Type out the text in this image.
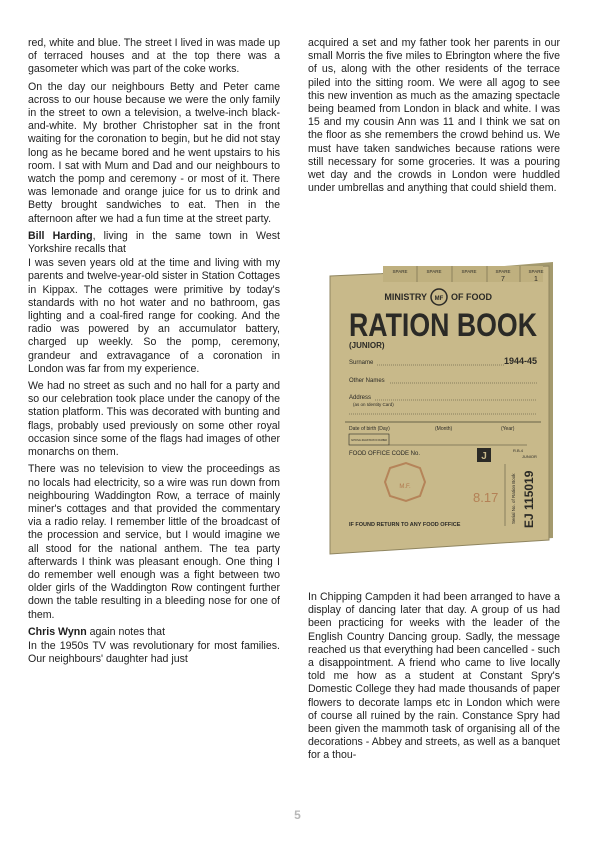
red, white and blue. The street I lived in was made up of terraced houses and at the top there was a gasometer which was part of the coke works.

On the day our neighbours Betty and Peter came across to our house because we were the only family in the street to own a television, a twelve-inch black-and-white. My brother Christopher sat in the front waiting for the coronation to begin, but he did not stay long as he became bored and he went upstairs to his room. I sat with Mum and Dad and our neighbours to watch the pomp and ceremony - or most of it. There was lemonade and orange juice for us to drink and Betty brought sandwiches to eat. Then in the afternoon after we had a fun time at the street party.

Bill Harding, living in the same town in West Yorkshire recalls that

I was seven years old at the time and living with my parents and twelve-year-old sister in Station Cottages in Kippax. The cottages were primitive by today's standards with no hot water and no bathroom, gas lighting and a coal-fired range for cooking. And the radio was powered by an accumulator battery, charged up weekly. So the pomp, ceremony, grandeur and extravagance of a coronation in London was far from my experience.

We had no street as such and no hall for a party and so our celebration took place under the canopy of the station platform. This was decorated with bunting and flags, probably used previously on some other royal occasion since some of the flags had images of other monarchs on them.

There was no television to view the proceedings as no locals had electricity, so a wire was run down from neighbouring Waddington Row, a terrace of mainly miner's cottages and that provided the commentary via a radio relay. I remember little of the broadcast of the procession and service, but I would imagine we all stood for the national anthem. The tea party afterwards I think was pleasant enough. One thing I do remember well enough was a fight between two older girls of the Waddington Row contingent further down the table resulting in a bleeding nose for one of them.

Chris Wynn again notes that

In the 1950s TV was revolutionary for most families. Our neighbours' daughter had just

acquired a set and my father took her parents in our small Morris the five miles to Ebrington where the five of us, along with the other residents of the terrace piled into the sitting room. We were all agog to see this new invention as much as the amazing spectacle being beamed from London in black and white. I was 15 and my cousin Ann was 11 and I think we sat on the floor as she remembers the crowd behind us. We must have taken sandwiches because rations were still necessary for some groceries. It was a pouring wet day and the crowds in London were huddled under umbrellas and anything that could shield them.

SPARE	SPARE	SPARE	SPARE	SPARE
7	1
MINISTRY MF OF FOOD
RATION BOOK
(JUNIOR)
1944-45
Surname
Other Names
Address
(as on Identity Card)
Date of birth (Day)	(Month)	(Year)
NATIONAL REGISTRATION NUMBER
FOOD OFFICE CODE No.
R.B.4
JUNIOR
J
M.F.
8.17	Serial No. of Ration Book EJ 115019
IF FOUND RETURN TO ANY FOOD OFFICE

In Chipping Campden it had been arranged to have a display of dancing later that day. A group of us had been practicing for weeks with the leader of the English Country Dancing group. Sadly, the message reached us that everything had been cancelled - such a disappointment. A friend who came to live locally told me how as a student at Constant Spry's Domestic College they had made thousands of paper flowers to decorate lamps etc in London which were of course all ruined by the rain. Constance Spry had been given the mammoth task of organising all of the decorations - Abbey and streets, as well as a banquet for a thou-

5
